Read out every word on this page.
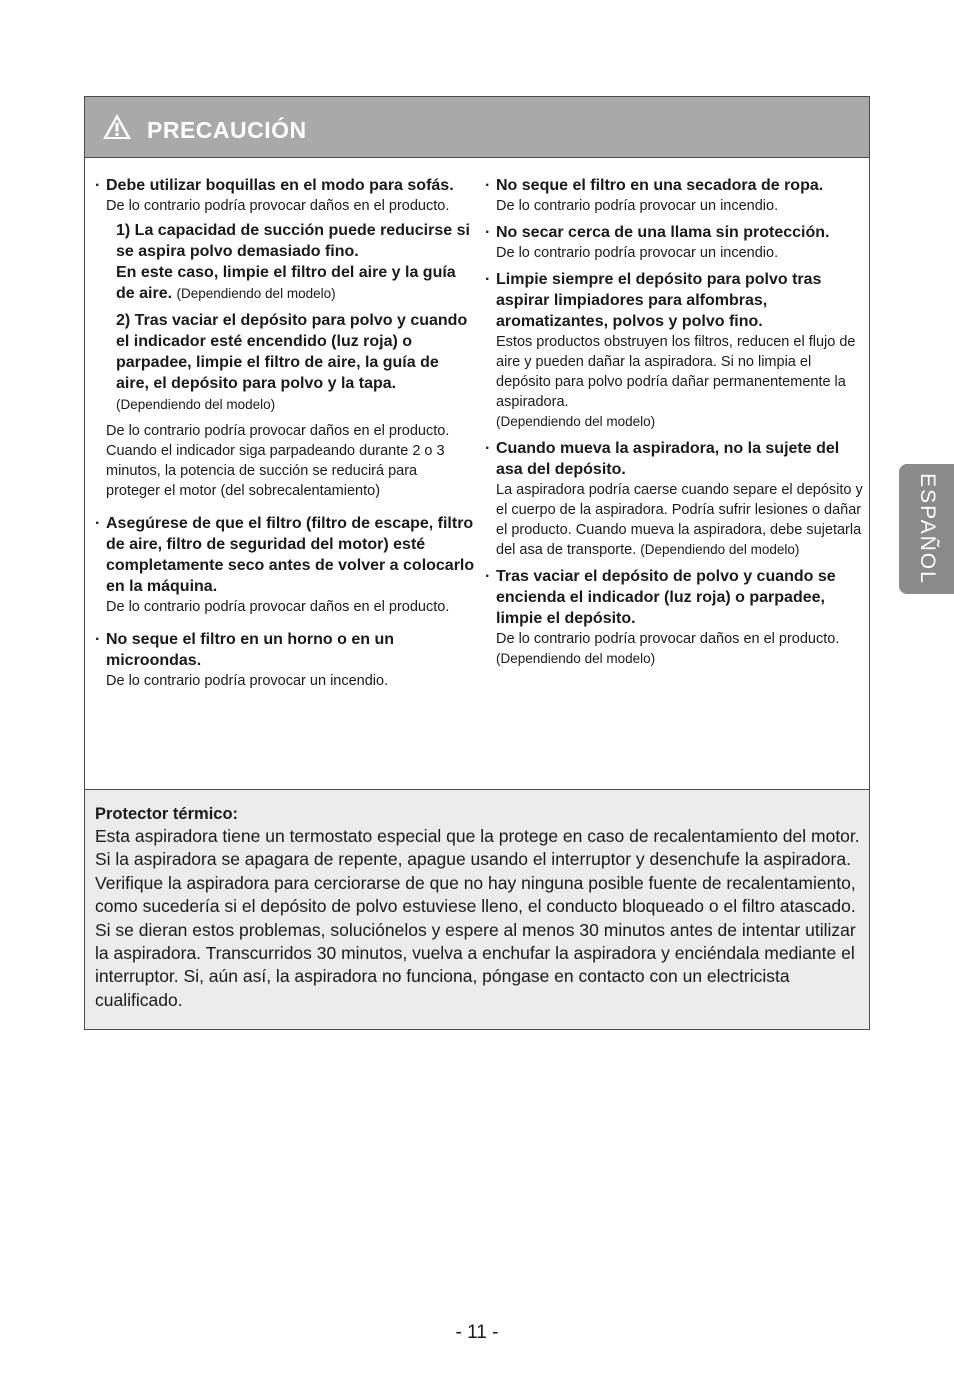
PRECAUCIÓN
· Debe utilizar boquillas en el modo para sofás.
De lo contrario podría provocar daños en el producto.
1) La capacidad de succión puede reducirse si se aspira polvo demasiado fino.
En este caso, limpie el filtro del aire y la guía de aire. (Dependiendo del modelo)
2) Tras vaciar el depósito para polvo y cuando el indicador esté encendido (luz roja) o parpadee, limpie el filtro de aire, la guía de aire, el depósito para polvo y la tapa. (Dependiendo del modelo)
De lo contrario podría provocar daños en el producto. Cuando el indicador siga parpadeando durante 2 o 3 minutos, la potencia de succión se reducirá para proteger el motor (del sobrecalentamiento)
· Asegúrese de que el filtro (filtro de escape, filtro de aire, filtro de seguridad del motor) esté completamente seco antes de volver a colocarlo en la máquina.
De lo contrario podría provocar daños en el producto.
· No seque el filtro en un horno o en un microondas.
De lo contrario podría provocar un incendio.
· No seque el filtro en una secadora de ropa.
De lo contrario podría provocar un incendio.
· No secar cerca de una llama sin protección.
De lo contrario podría provocar un incendio.
· Limpie siempre el depósito para polvo tras aspirar limpiadores para alfombras, aromatizantes, polvos y polvo fino.
Estos productos obstruyen los filtros, reducen el flujo de aire y pueden dañar la aspiradora. Si no limpia el depósito para polvo podría dañar permanentemente la aspiradora.
(Dependiendo del modelo)
· Cuando mueva la aspiradora, no la sujete del asa del depósito.
La aspiradora podría caerse cuando separe el depósito y el cuerpo de la aspiradora. Podría sufrir lesiones o dañar el producto. Cuando mueva la aspiradora, debe sujetarla del asa de transporte. (Dependiendo del modelo)
· Tras vaciar el depósito de polvo y cuando se encienda el indicador (luz roja) o parpadee, limpie el depósito.
De lo contrario podría provocar daños en el producto. (Dependiendo del modelo)
Protector térmico:
Esta aspiradora tiene un termostato especial que la protege en caso de recalentamiento del motor. Si la aspiradora se apagara de repente, apague usando el interruptor y desenchufe la aspiradora. Verifique la aspiradora para cerciorarse de que no hay ninguna posible fuente de recalentamiento, como sucedería si el depósito de polvo estuviese lleno, el conducto bloqueado o el filtro atascado. Si se dieran estos problemas, soluciónelos y espere al menos 30 minutos antes de intentar utilizar la aspiradora. Transcurridos 30 minutos, vuelva a enchufar la aspiradora y enciéndala mediante el interruptor. Si, aún así, la aspiradora no funciona, póngase en contacto con un electricista cualificado.
ESPAÑOL
- 11 -
